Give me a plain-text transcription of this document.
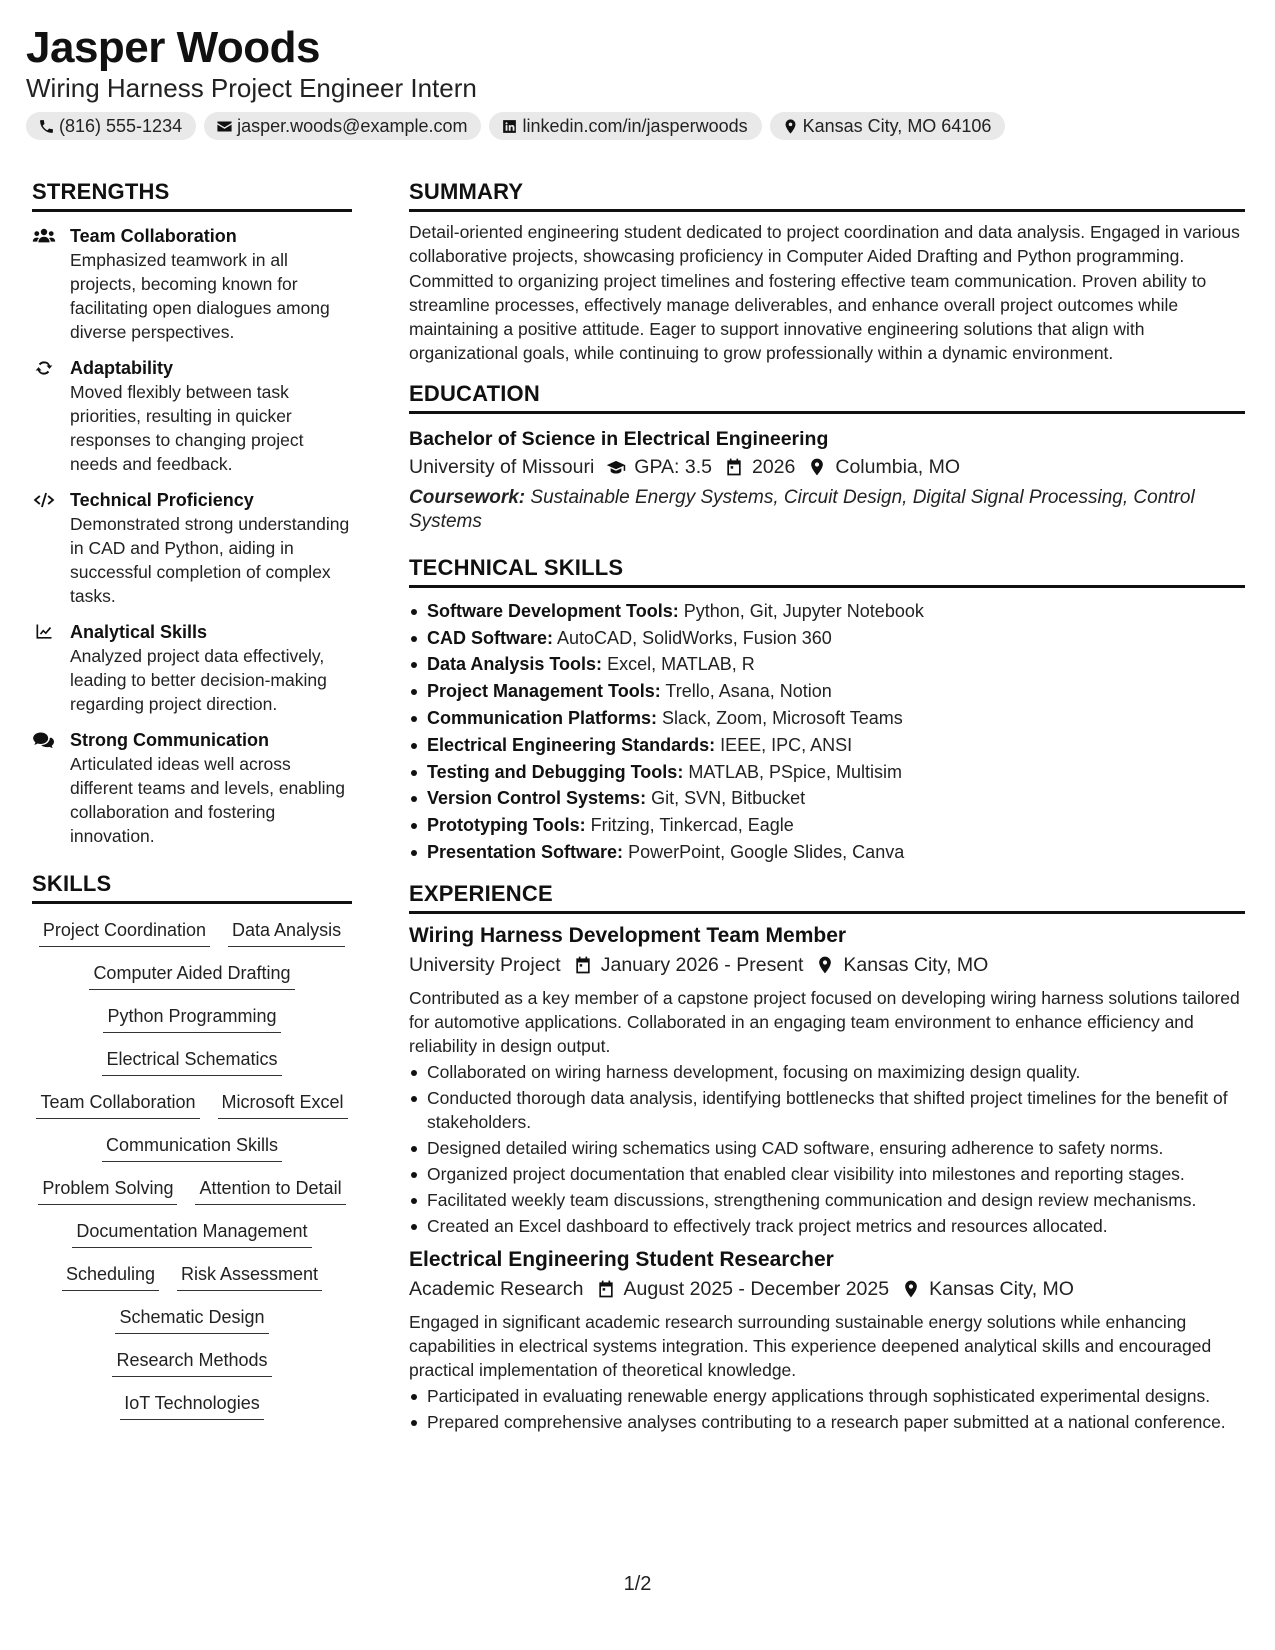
Jasper Woods
Wiring Harness Project Engineer Intern
(816) 555-1234	jasper.woods@example.com	linkedin.com/in/jasperwoods	Kansas City, MO 64106
STRENGTHS
Team Collaboration
Emphasized teamwork in all projects, becoming known for facilitating open dialogues among diverse perspectives.
Adaptability
Moved flexibly between task priorities, resulting in quicker responses to changing project needs and feedback.
Technical Proficiency
Demonstrated strong understanding in CAD and Python, aiding in successful completion of complex tasks.
Analytical Skills
Analyzed project data effectively, leading to better decision-making regarding project direction.
Strong Communication
Articulated ideas well across different teams and levels, enabling collaboration and fostering innovation.
SKILLS
Project Coordination Data Analysis
Computer Aided Drafting
Python Programming
Electrical Schematics
Team Collaboration Microsoft Excel
Communication Skills
Problem Solving Attention to Detail
Documentation Management
Scheduling Risk Assessment
Schematic Design
Research Methods
IoT Technologies
SUMMARY
Detail-oriented engineering student dedicated to project coordination and data analysis. Engaged in various collaborative projects, showcasing proficiency in Computer Aided Drafting and Python programming. Committed to organizing project timelines and fostering effective team communication. Proven ability to streamline processes, effectively manage deliverables, and enhance overall project outcomes while maintaining a positive attitude. Eager to support innovative engineering solutions that align with organizational goals, while continuing to grow professionally within a dynamic environment.
EDUCATION
Bachelor of Science in Electrical Engineering
University of Missouri GPA: 3.5 2026 Columbia, MO
Coursework: Sustainable Energy Systems, Circuit Design, Digital Signal Processing, Control Systems
TECHNICAL SKILLS
Software Development Tools: Python, Git, Jupyter Notebook
CAD Software: AutoCAD, SolidWorks, Fusion 360
Data Analysis Tools: Excel, MATLAB, R
Project Management Tools: Trello, Asana, Notion
Communication Platforms: Slack, Zoom, Microsoft Teams
Electrical Engineering Standards: IEEE, IPC, ANSI
Testing and Debugging Tools: MATLAB, PSpice, Multisim
Version Control Systems: Git, SVN, Bitbucket
Prototyping Tools: Fritzing, Tinkercad, Eagle
Presentation Software: PowerPoint, Google Slides, Canva
EXPERIENCE
Wiring Harness Development Team Member
University Project January 2026 - Present Kansas City, MO
Contributed as a key member of a capstone project focused on developing wiring harness solutions tailored for automotive applications. Collaborated in an engaging team environment to enhance efficiency and reliability in design output.
Collaborated on wiring harness development, focusing on maximizing design quality.
Conducted thorough data analysis, identifying bottlenecks that shifted project timelines for the benefit of stakeholders.
Designed detailed wiring schematics using CAD software, ensuring adherence to safety norms.
Organized project documentation that enabled clear visibility into milestones and reporting stages.
Facilitated weekly team discussions, strengthening communication and design review mechanisms.
Created an Excel dashboard to effectively track project metrics and resources allocated.
Electrical Engineering Student Researcher
Academic Research August 2025 - December 2025 Kansas City, MO
Engaged in significant academic research surrounding sustainable energy solutions while enhancing capabilities in electrical systems integration. This experience deepened analytical skills and encouraged practical implementation of theoretical knowledge.
Participated in evaluating renewable energy applications through sophisticated experimental designs.
Prepared comprehensive analyses contributing to a research paper submitted at a national conference.
1/2
